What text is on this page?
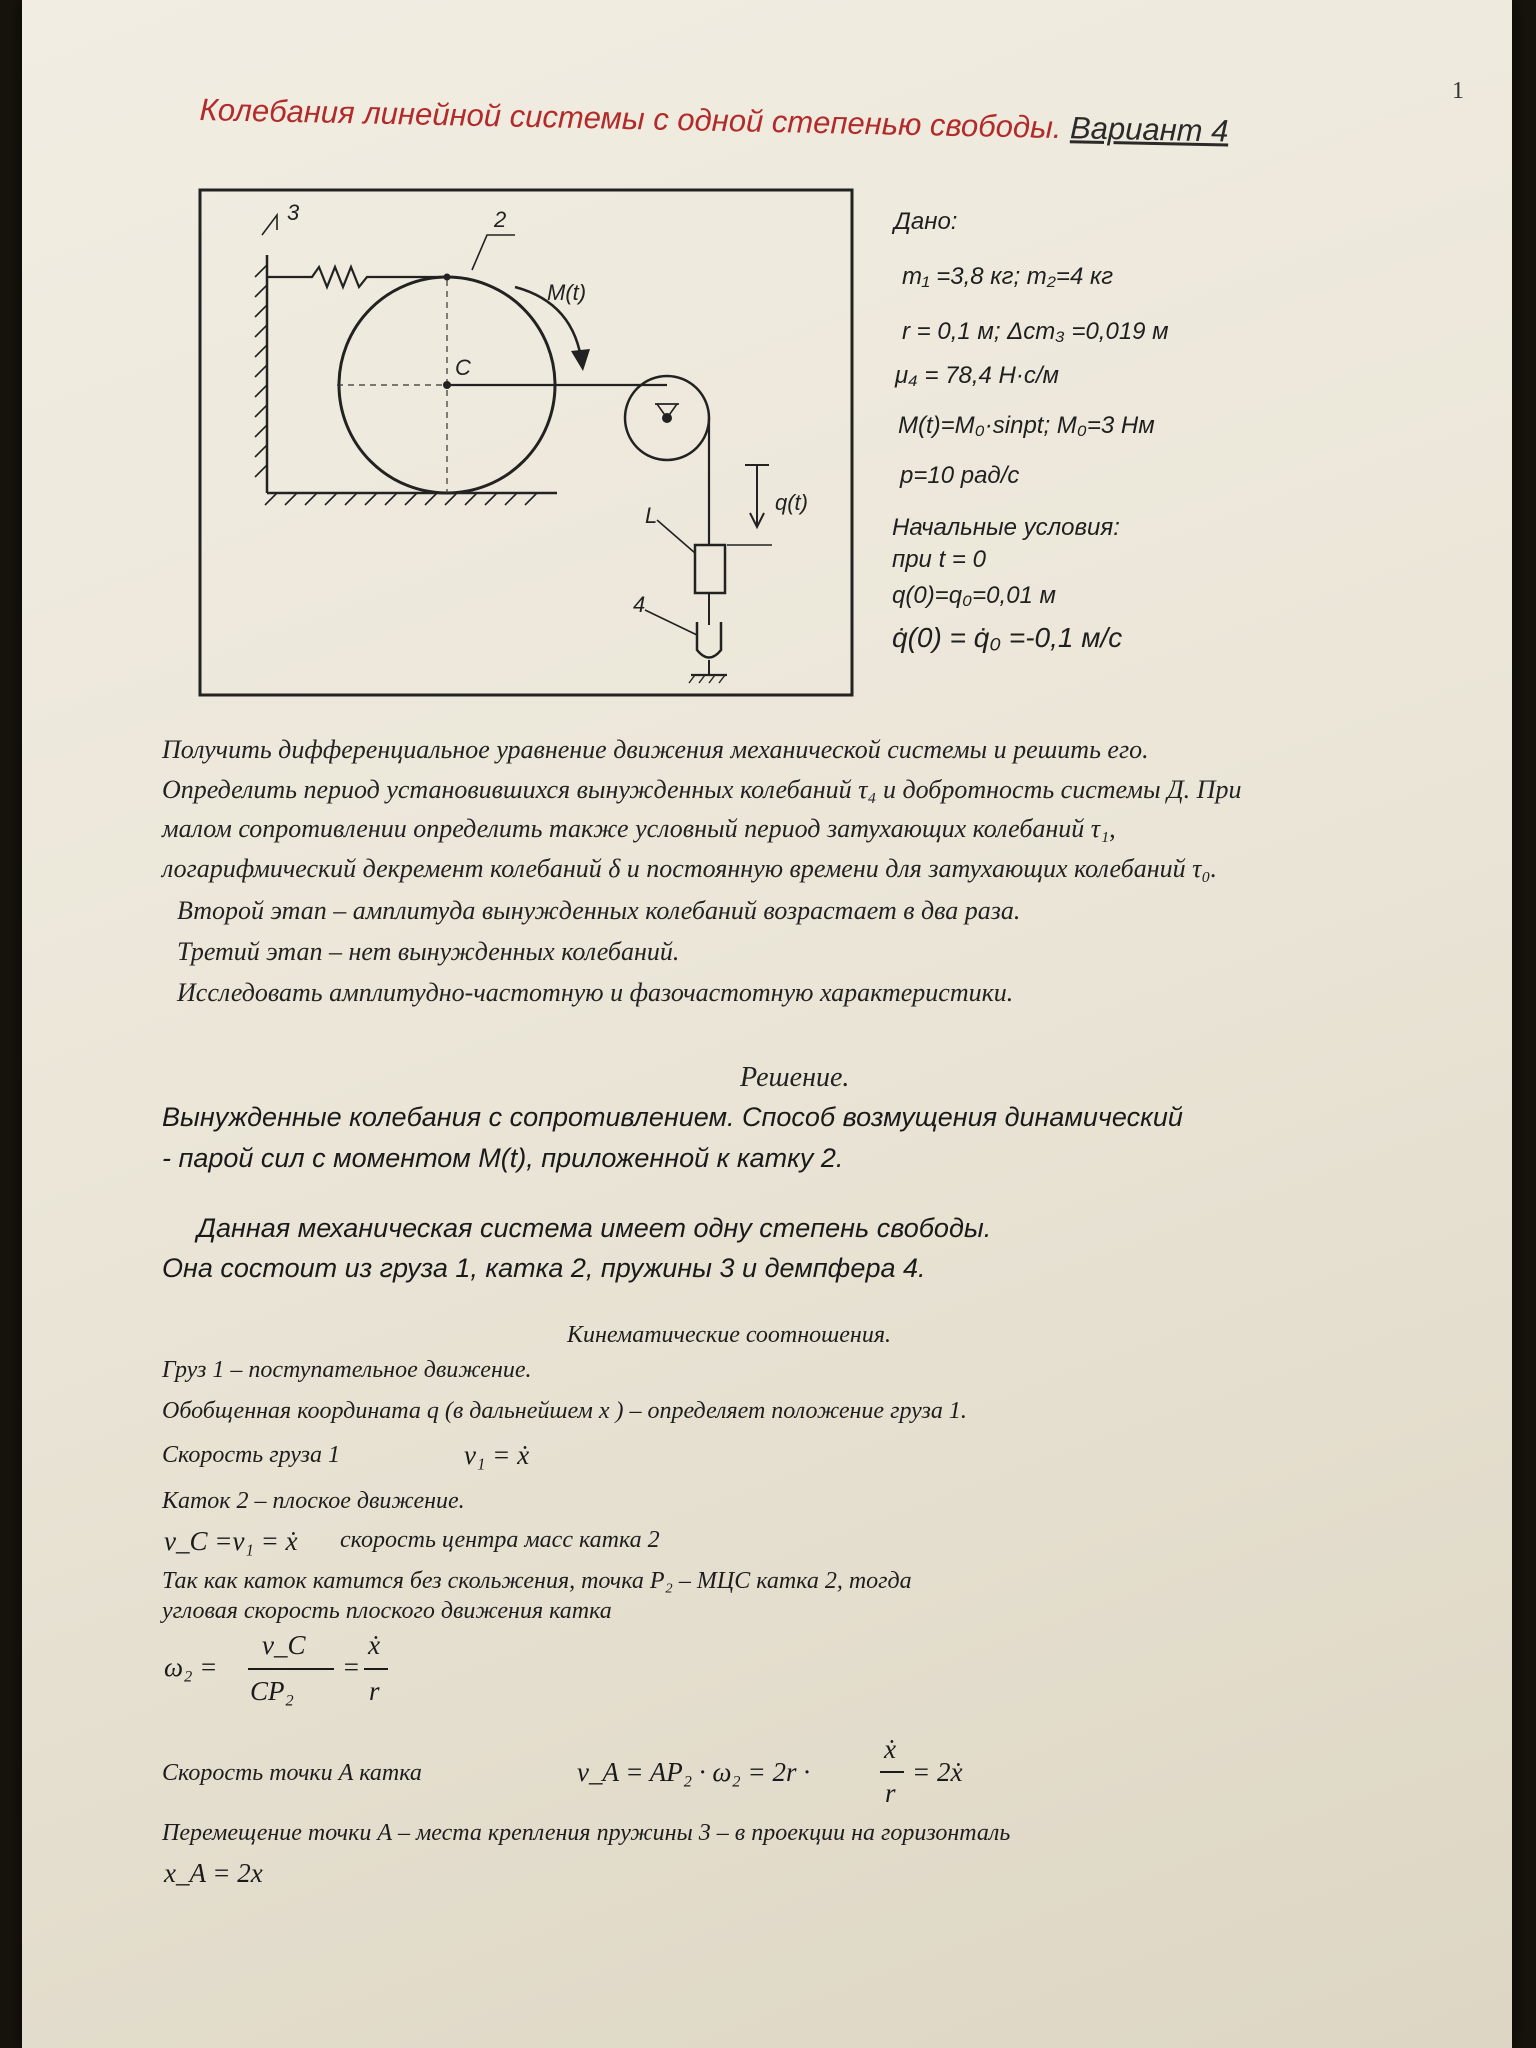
1
Колебания линейной системы с одной степенью свободы. Вариант 4
3	2
M(t)
C
q(t)
L
4
Дано:
m₁ =3,8 кг; m₂=4 кг
r = 0,1 м; Δст₃ =0,019 м
μ₄ = 78,4 Н·с/м
M(t)=M₀·sinpt; M₀=3 Нм
p=10 рад/с
Начальные условия:
при t = 0
q(0)=q₀=0,01 м
q̇(0) = q̇₀ =-0,1 м/с
Получить дифференциальное уравнение движения механической системы и решить его.
Определить период установившихся вынужденных колебаний τ₄ и добротность системы Д. При
малом сопротивлении определить также условный период затухающих колебаний τ₁,
логарифмический декремент колебаний δ и постоянную времени для затухающих колебаний τ₀.
Второй этап – амплитуда вынужденных колебаний возрастает в два раза.
Третий этап – нет вынужденных колебаний.
Исследовать амплитудно-частотную и фазочастотную характеристики.
Решение.
Вынужденные колебания с сопротивлением. Способ возмущения динамический
- парой сил с моментом M(t), приложенной к катку 2.
Данная механическая система имеет одну степень свободы.
Она состоит из груза 1, катка 2, пружины 3 и демпфера 4.
Кинематические соотношения.
Груз 1 – поступательное движение.
Обобщенная координата q (в дальнейшем x ) – определяет положение груза 1.
Скорость груза 1	v₁ = ẋ
Каток 2 – плоское движение.
v_C =v₁ = ẋ скорость центра масс катка 2
Так как каток катится без скольжения, точка P₂ – МЦС катка 2, тогда
угловая скорость плоского движения катка
ω₂ =
v_C
CP₂
=
ẋ
r
Скорость точки А катка	v_A = AP₂ · ω₂ = 2r ·
ẋ
r
= 2ẋ
Перемещение точки А – места крепления пружины 3 – в проекции на горизонталь
x_A = 2x
